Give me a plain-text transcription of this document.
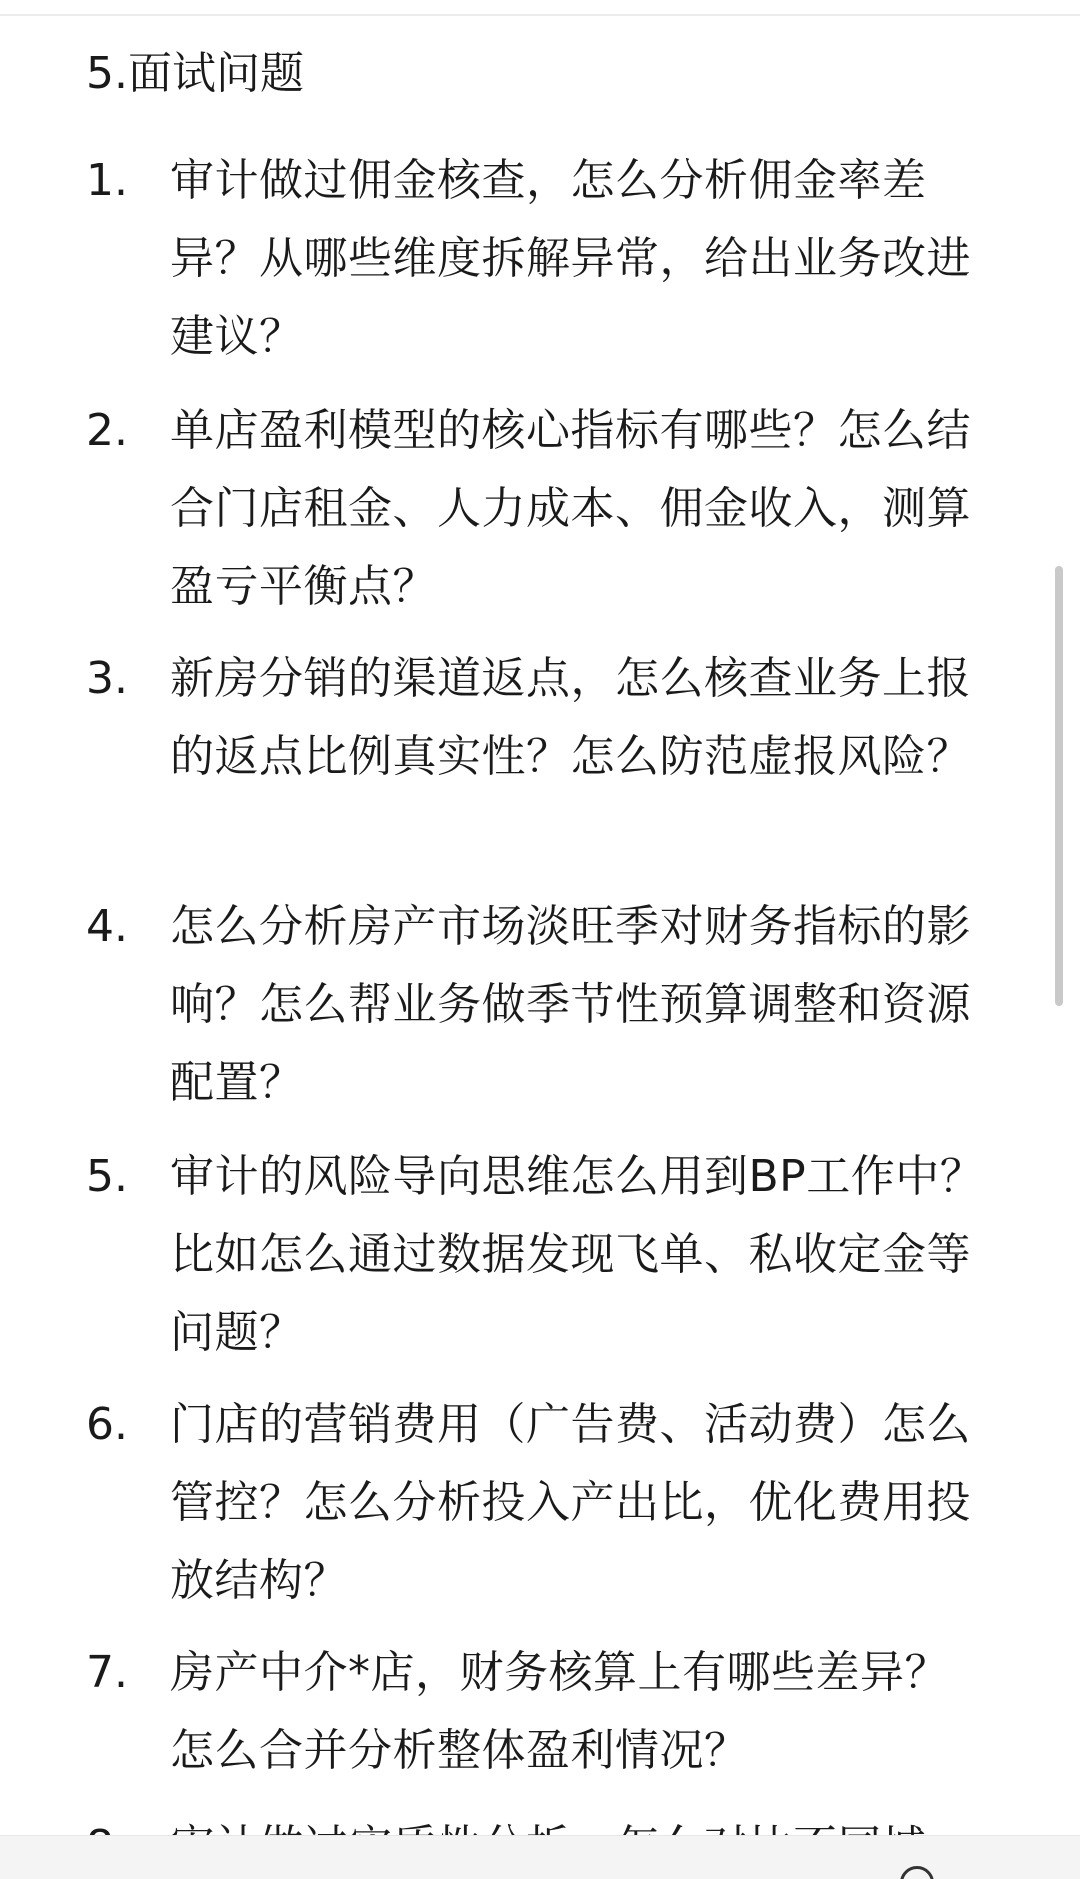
5.面试问题
1. 审计做过佣金核查，怎么分析佣金率差异？从哪些维度拆解异常，给出业务改进建议？
2. 单店盈利模型的核心指标有哪些？怎么结合门店租金、人力成本、佣金收入，测算盈亏平衡点？
3. 新房分销的渠道返点，怎么核查业务上报的返点比例真实性？怎么防范虚报风险？
4. 怎么分析房产市场淡旺季对财务指标的影响？怎么帮业务做季节性预算调整和资源配置？
5. 审计的风险导向思维怎么用到BP工作中？比如怎么通过数据发现飞单、私收定金等问题？
6. 门店的营销费用（广告费、活动费）怎么管控？怎么分析投入产出比，优化费用投放结构？
7. 房产中介*店，财务核算上有哪些差异？怎么合并分析整体盈利情况？
